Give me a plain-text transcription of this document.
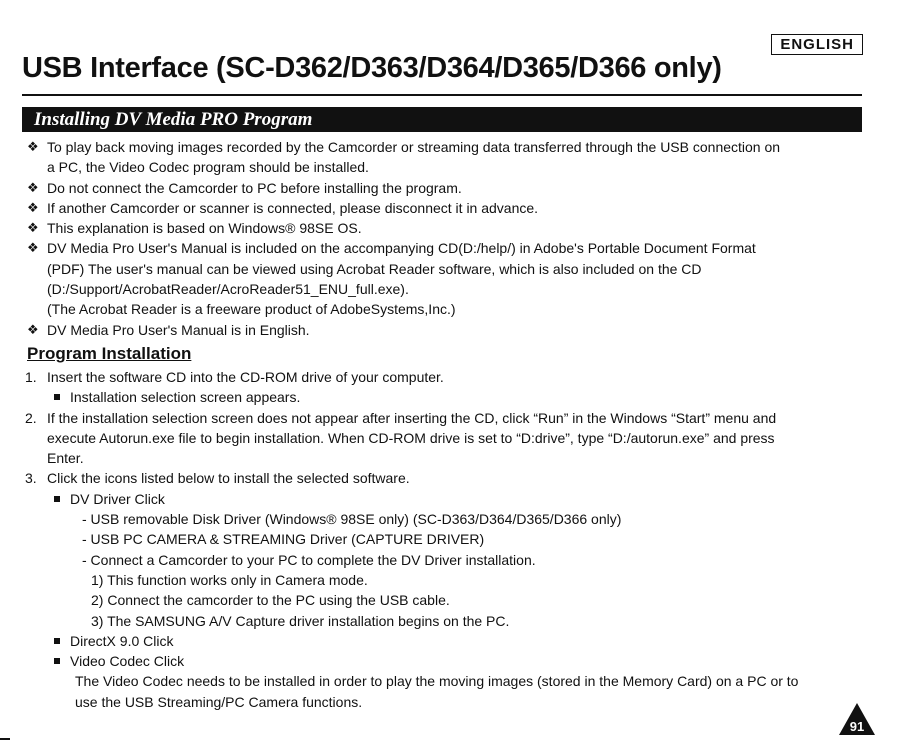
ENGLISH
USB Interface (SC-D362/D363/D364/D365/D366 only)
Installing DV Media PRO Program
❖ To play back moving images recorded by the Camcorder or streaming data transferred through the USB connection on
a PC, the Video Codec program should be installed.
❖ Do not connect the Camcorder to PC before installing the program.
❖ If another Camcorder or scanner is connected, please disconnect it in advance.
❖ This explanation is based on Windows® 98SE OS.
❖ DV Media Pro User's Manual is included on the accompanying CD(D:/help/) in Adobe's Portable Document Format
(PDF) The user's manual can be viewed using Acrobat Reader software, which is also included on the CD
(D:/Support/AcrobatReader/AcroReader51_ENU_full.exe).
(The Acrobat Reader is a freeware product of AdobeSystems,Inc.)
❖ DV Media Pro User's Manual is in English.
Program Installation
1. Insert the software CD into the CD-ROM drive of your computer.
Installation selection screen appears.
2. If the installation selection screen does not appear after inserting the CD, click “Run” in the Windows “Start” menu and
execute Autorun.exe file to begin installation. When CD-ROM drive is set to “D:drive”, type “D:/autorun.exe” and press
Enter.
3. Click the icons listed below to install the selected software.
DV Driver Click
- USB removable Disk Driver (Windows® 98SE only) (SC-D363/D364/D365/D366 only)
- USB PC CAMERA & STREAMING Driver (CAPTURE DRIVER)
- Connect a Camcorder to your PC to complete the DV Driver installation.
1) This function works only in Camera mode.
2) Connect the camcorder to the PC using the USB cable.
3) The SAMSUNG A/V Capture driver installation begins on the PC.
DirectX 9.0 Click
Video Codec Click
The Video Codec needs to be installed in order to play the moving images (stored in the Memory Card) on a PC or to
use the USB Streaming/PC Camera functions.
91
